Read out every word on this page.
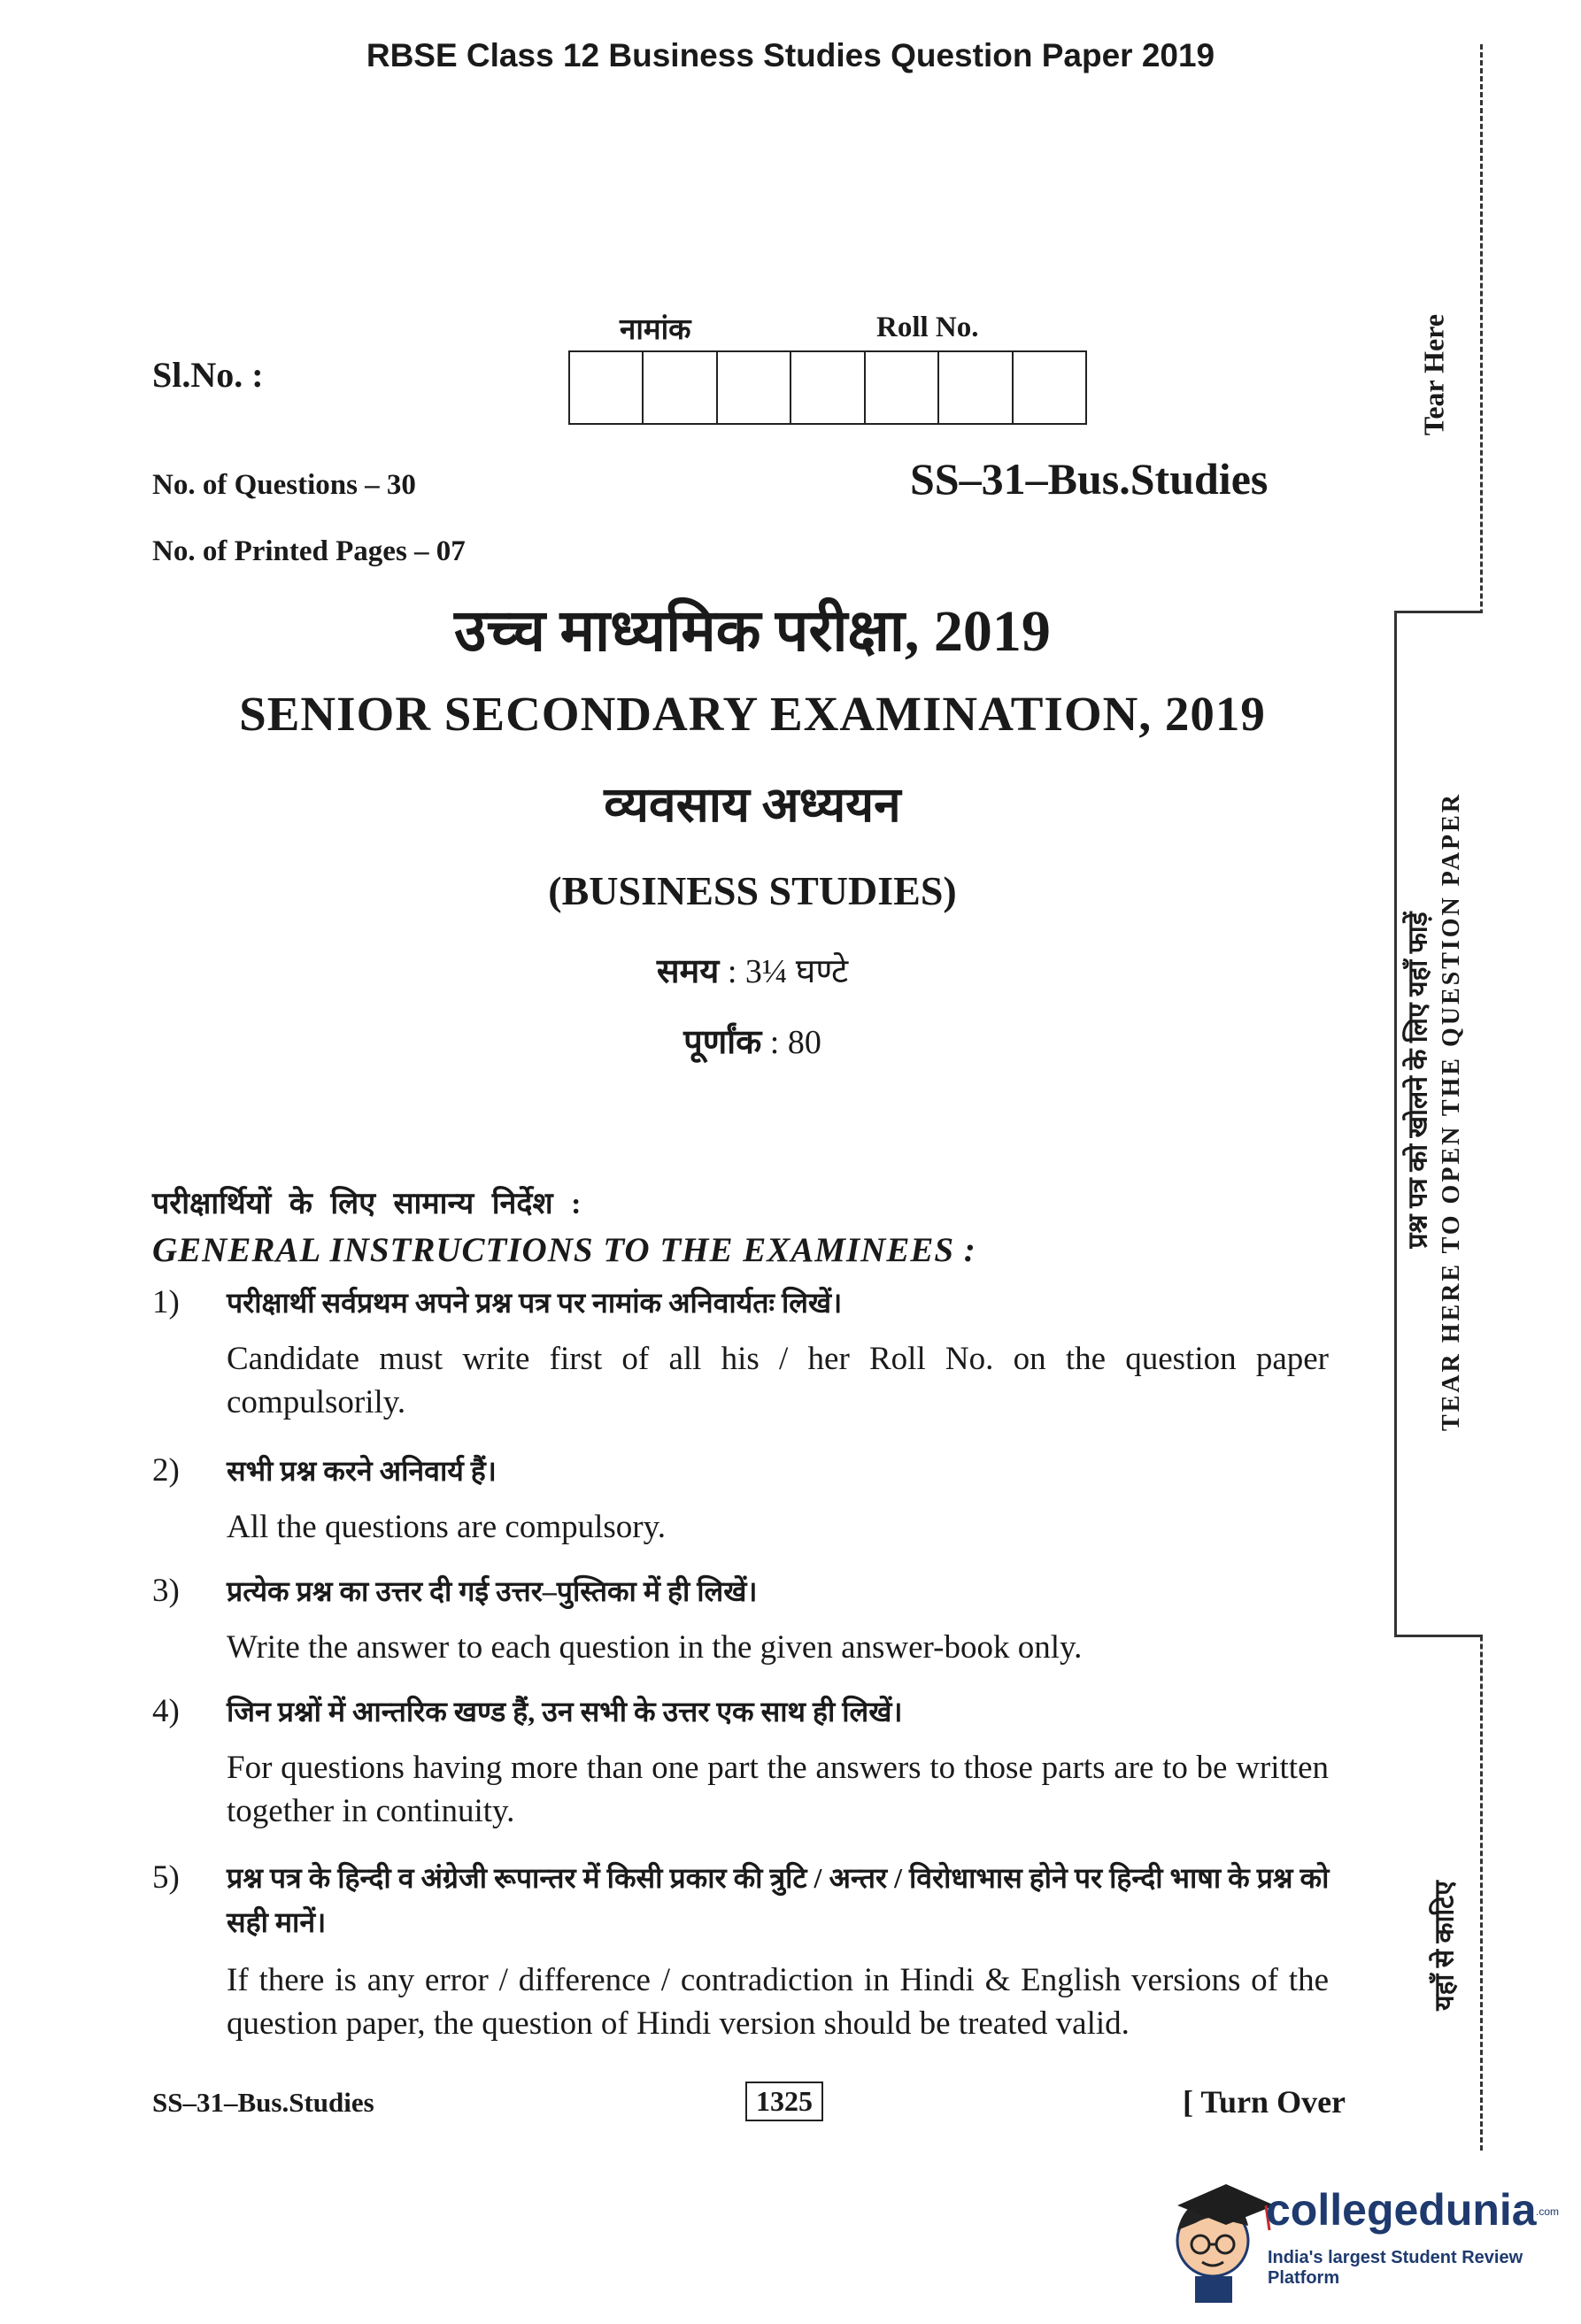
RBSE Class 12 Business Studies Question Paper 2019
नामांक	Roll No.
Sl.No. :
No. of Questions – 30	SS–31–Bus.Studies
No. of Printed Pages – 07
उच्च माध्यमिक परीक्षा, 2019
SENIOR SECONDARY EXAMINATION, 2019
व्यवसाय अध्ययन
(BUSINESS STUDIES)
समय : 3¼ घण्टे
पूर्णांक : 80
परीक्षार्थियों के लिए सामान्य निर्देश :
GENERAL INSTRUCTIONS TO THE EXAMINEES :
1) परीक्षार्थी सर्वप्रथम अपने प्रश्न पत्र पर नामांक अनिवार्यतः लिखें।
Candidate must write first of all his / her Roll No. on the question paper compulsorily.
2) सभी प्रश्न करने अनिवार्य हैं।
All the questions are compulsory.
3) प्रत्येक प्रश्न का उत्तर दी गई उत्तर–पुस्तिका में ही लिखें।
Write the answer to each question in the given answer-book only.
4) जिन प्रश्नों में आन्तरिक खण्ड हैं, उन सभी के उत्तर एक साथ ही लिखें।
For questions having more than one part the answers to those parts are to be written together in continuity.
5) प्रश्न पत्र के हिन्दी व अंग्रेजी रूपान्तर में किसी प्रकार की त्रुटि / अन्तर / विरोधाभास होने पर हिन्दी भाषा के प्रश्न को सही मानें।
If there is any error / difference / contradiction in Hindi & English versions of the question paper, the question of Hindi version should be treated valid.
SS–31–Bus.Studies	1325	[ Turn Over
Tear Here
TEAR HERE TO OPEN THE QUESTION PAPER
प्रश्न पत्र को खोलने के लिए यहाँ फाड़ें
यहाँ से काटिए
collegedunia .com
India's largest Student Review Platform
